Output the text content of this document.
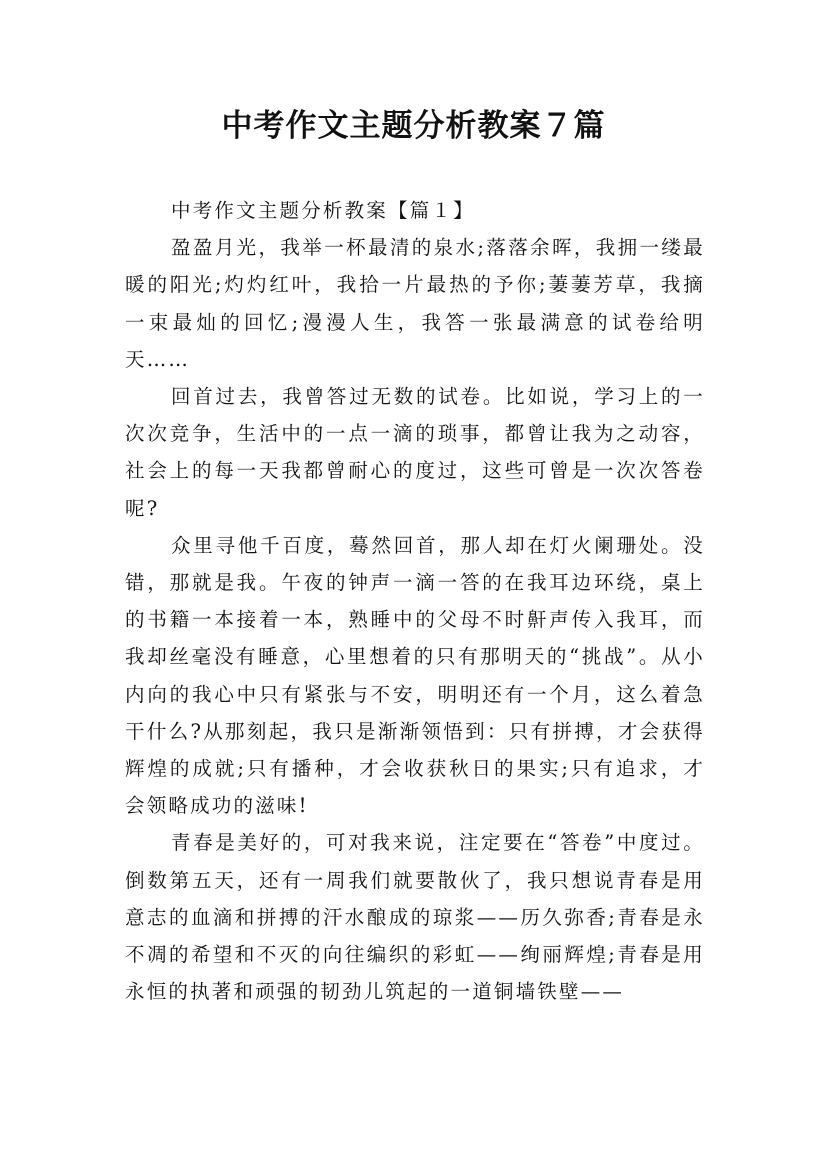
中考作文主题分析教案７篇

中考作文主题分析教案【篇１】

盈盈月光，我举一杯最清的泉水;落落余晖，我拥一缕最暖的阳光;灼灼红叶，我拾一片最热的予你;萋萋芳草，我摘一束最灿的回忆;漫漫人生，我答一张最满意的试卷给明天……

回首过去，我曾答过无数的试卷。比如说，学习上的一次次竞争，生活中的一点一滴的琐事，都曾让我为之动容，社会上的每一天我都曾耐心的度过，这些可曾是一次次答卷呢?

众里寻他千百度，蓦然回首，那人却在灯火阑珊处。没错，那就是我。午夜的钟声一滴一答的在我耳边环绕，桌上的书籍一本接着一本，熟睡中的父母不时鼾声传入我耳，而我却丝毫没有睡意，心里想着的只有那明天的“挑战”。从小内向的我心中只有紧张与不安，明明还有一个月，这么着急干什么?从那刻起，我只是渐渐领悟到：只有拼搏，才会获得辉煌的成就;只有播种，才会收获秋日的果实;只有追求，才会领略成功的滋味!

青春是美好的，可对我来说，注定要在“答卷”中度过。倒数第五天，还有一周我们就要散伙了，我只想说青春是用意志的血滴和拼搏的汗水酿成的琼浆——历久弥香;青春是永不凋的希望和不灭的向往编织的彩虹——绚丽辉煌;青春是用永恒的执著和顽强的韧劲儿筑起的一道铜墙铁壁——
